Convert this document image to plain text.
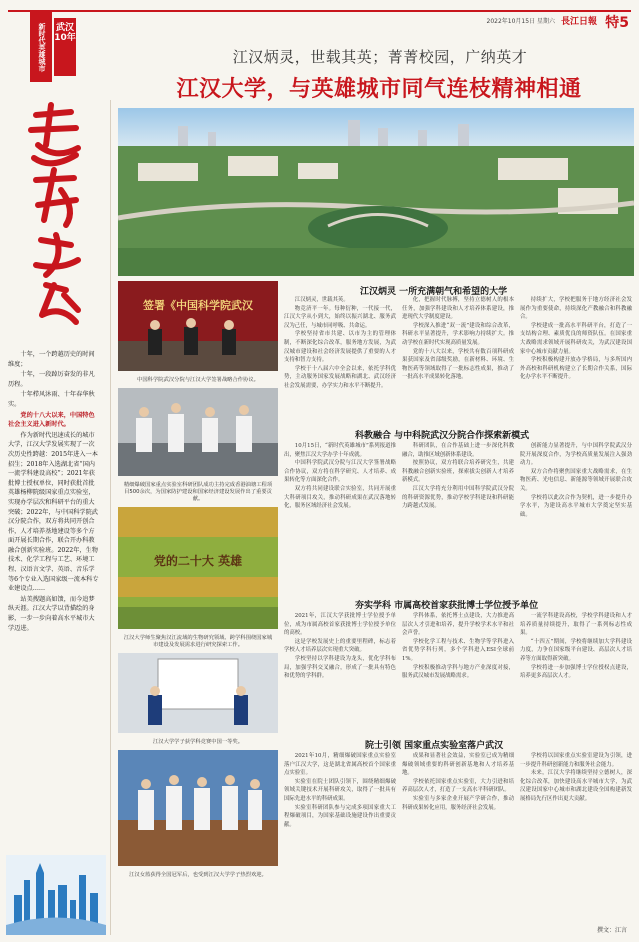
2022年10月15日 星期六 長江日報 特5
新时代英雄城市	武汉
10年

十年，一个跨越历史的时间维度；

十年，一段踔厉奋发的非凡历程。

十年栉风沐雨、十年春华秋实。

党的十八大以来，中国特色社会主义进入新时代。

作为新时代迅速成长的城市大学，江汉大学发展实现了一次次历史性跨越：2015年进入一本招生；2018年入选湖北省“国内一流学科建设高校”；2021年获批博士授权单位，同时获批首批英雄杨柳院级国家重点实验室，实现办学层次和科研平台的重大突破；2022年，与中国科学院武汉分院合作，双方将共同开创合作，人才培养基地建设等多个方面开展长期合作，联合开办科教融合创新实验班。2022年，生物技术、化学工程与工艺、环境工程、汉语言文学、英语、音乐学等6个专业入选国家级一流本科专业建设点……

站美搜题高如馈，而今追梦纵天涯。江汉大学以背描绘的身影，一步一步向着高水平城市大学迈进。

江汉炳灵，世载其英；菁菁校园，广纳英才
江汉大学，与英雄城市同气连枝精神相通
签署《中国科学院武汉
中国科学院武汉分院与江汉大学签署战略合作协议。
精细爆破国家重点实验室科研团队成功主持完成香港油塘工程项目500余次，为国家防护建设和国家经济建设发展作出了重要贡献。
党的二十大 英雄
江汉大学师生聚焦汉江流域的生物研究领域、跨学科围绕国家城市建设及发展需求进行研究探索工作。
江汉大学学子获学科竞赛中国一等奖。
江汉女篮获得全国冠军后，也受到江汉大学学子热烈欢迎。
江汉炳灵 一所充满朝气和希望的大学

江汉炳灵，世载其英。

物竞济平一年。每种衍种，一代接一代，江汉大学从小到大，始终以振兴湖北、服务武汉为己任，与城市同呼吸、共命运。

学校坚持省市共建、以市为主的管理体制，不断深化综合改革，服务地方发展，为武汉城市建设和社会经济发展提供了重要的人才支持和智力支持。

学校于十八届六中全会以来，依托学科优势，主动服务国家发展战略和湖北、武汉经济社会发展需要，办学实力和水平不断提升。

化，把握时代脉搏，坚持立德树人的根本任务，加强学科建设和人才培养体系建设，推进现代大学制度建设。

学校深入推进“双一流”建设和综合改革，科研水平显著提升，学术影响力持续扩大。推动学校在新时代实现高质量发展。

党的十八大以来，学校共有数百项科研成果获国家及省部级奖励，在新材料、环境、生物医药等领域取得了一批标志性成果，推动了一批高水平成果转化落地。

持续扩大，学校把服务于地方经济社会发展作为重要使命，持续深化产教融合和科教融合。

学校建成一批高水平科研平台，打造了一支结构合理、素质优良的师资队伍。在国家重大战略需求领域开展科研攻关，为武汉建设国家中心城市贡献力量。

学校积极构建开放办学格局，与多所国内外高校和科研机构建立了长期合作关系，国际化办学水平不断提升。

科教融合 与中科院武汉分院合作探索新模式

10月15日，“新时代英雄城市”系列报道推出，聚焦江汉大学办学十年成就。

中国科学院武汉分院与江汉大学签署战略合作协议，双方将在科学研究、人才培养、成果转化等方面深化合作。

双方将共同建设联合实验室，共同开展重大科研项目攻关，推动科研成果在武汉落地转化，服务区域经济社会发展。

科研团队，在合作基础上进一步深化科教融合，助推区域创新体系建设。

按照协议，双方将联合培养研究生，共建科教融合创新实验班，探索拔尖创新人才培养新模式。

江汉大学将充分利用中国科学院武汉分院的科研资源优势，推动学校学科建设和科研能力跨越式发展。

创新能力显著提升，与中国科学院武汉分院开展深度合作，为学校高质量发展注入强劲动力。

双方合作将聚焦国家重大战略需求，在生物医药、光电信息、新能源等领域开展联合攻关。

学校将以此次合作为契机，进一步提升办学水平，为建设高水平城市大学奠定坚实基础。

夯实学科 市属高校首家获批博士学位授予单位

2021年，江汉大学获批博士学位授予单位，成为市属高校首家获批博士学位授予单位的高校。

这是学校发展史上的重要里程碑，标志着学校人才培养层次实现重大突破。

学校坚持以学科建设为龙头，优化学科布局，加强学科交叉融合，形成了一批具有特色和优势的学科群。

学科体系，依托博士点建设，大力推进高层次人才引进和培养，提升学校学术水平和社会声誉。

学校化学工程与技术、生物学等学科进入省优势学科行列，多个学科进入ESI全球前1%。

学校积极推动学科与地方产业深度对接，服务武汉城市发展战略需求。

一流学科建设高校，学校学科建设和人才培养质量持续提升，取得了一系列标志性成果。

“十四五”期间，学校将继续加大学科建设力度，力争在国家级平台建设、高层次人才培养等方面取得新突破。

学校将进一步加强博士学位授权点建设，培养更多高层次人才。

院士引领 国家重点实验室落户武汉

2021年10月，精细爆破国家重点实验室落户江汉大学，这是湖北省属高校首个国家重点实验室。

实验室在院士团队引领下，围绕精细爆破领域关键技术开展科研攻关，取得了一批具有国际先进水平的科研成果。

实验室科研团队参与完成多项国家重大工程爆破项目，为国家基础设施建设作出重要贡献。

成果和显著社会效益，实验室已成为精细爆破领域重要的科研创新基地和人才培养基地。

学校依托国家重点实验室，大力引进和培养高层次人才，打造了一支高水平科研团队。

实验室与多家企业开展产学研合作，推动科研成果转化应用，服务经济社会发展。

学校将以国家重点实验室建设为引领，进一步提升科研创新能力和服务社会能力。

未来，江汉大学将继续坚持立德树人，深化综合改革，加快建设高水平城市大学，为武汉建设国家中心城市和湖北建设全国构建新发展格局先行区作出更大贡献。

撰文：江言
